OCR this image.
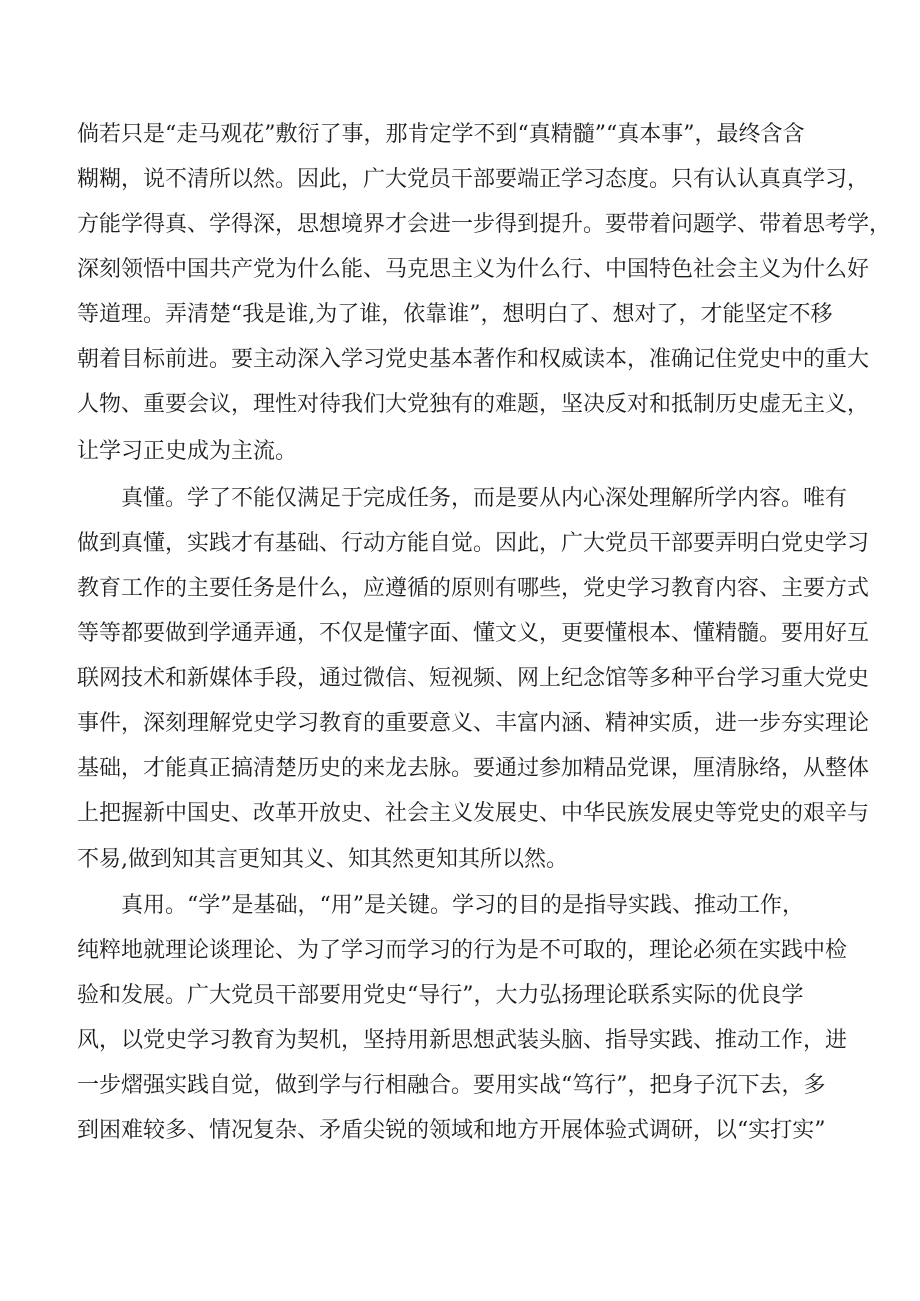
倘若只是“走马观花”敷衍了事，那肯定学不到“真精髓”“真本事”，最终含含
糊糊，说不清所以然。因此，广大党员干部要端正学习态度。只有认认真真学习，
方能学得真、学得深，思想境界才会进一步得到提升。要带着问题学、带着思考学，
深刻领悟中国共产党为什么能、马克思主义为什么行、中国特色社会主义为什么好
等道理。弄清楚“我是谁,为了谁，依靠谁”，想明白了、想对了，才能坚定不移
朝着目标前进。要主动深入学习党史基本著作和权威读本，准确记住党史中的重大
人物、重要会议，理性对待我们大党独有的难题，坚决反对和抵制历史虚无主义，
让学习正史成为主流。
真懂。学了不能仅满足于完成任务，而是要从内心深处理解所学内容。唯有
做到真懂，实践才有基础、行动方能自觉。因此，广大党员干部要弄明白党史学习
教育工作的主要任务是什么，应遵循的原则有哪些，党史学习教育内容、主要方式
等等都要做到学通弄通，不仅是懂字面、懂文义，更要懂根本、懂精髓。要用好互
联网技术和新媒体手段，通过微信、短视频、网上纪念馆等多种平台学习重大党史
事件，深刻理解党史学习教育的重要意义、丰富内涵、精神实质，进一步夯实理论
基础，才能真正搞清楚历史的来龙去脉。要通过参加精品党课，厘清脉络，从整体
上把握新中国史、改革开放史、社会主义发展史、中华民族发展史等党史的艰辛与
不易,做到知其言更知其义、知其然更知其所以然。
真用。“学”是基础，“用”是关键。学习的目的是指导实践、推动工作，
纯粹地就理论谈理论、为了学习而学习的行为是不可取的，理论必须在实践中检
验和发展。广大党员干部要用党史“导行”，大力弘扬理论联系实际的优良学
风，以党史学习教育为契机，坚持用新思想武装头脑、指导实践、推动工作，进
一步熠强实践自觉，做到学与行相融合。要用实战“笃行”，把身子沉下去，多
到困难较多、情况复杂、矛盾尖锐的领域和地方开展体验式调研，以“实打实”
